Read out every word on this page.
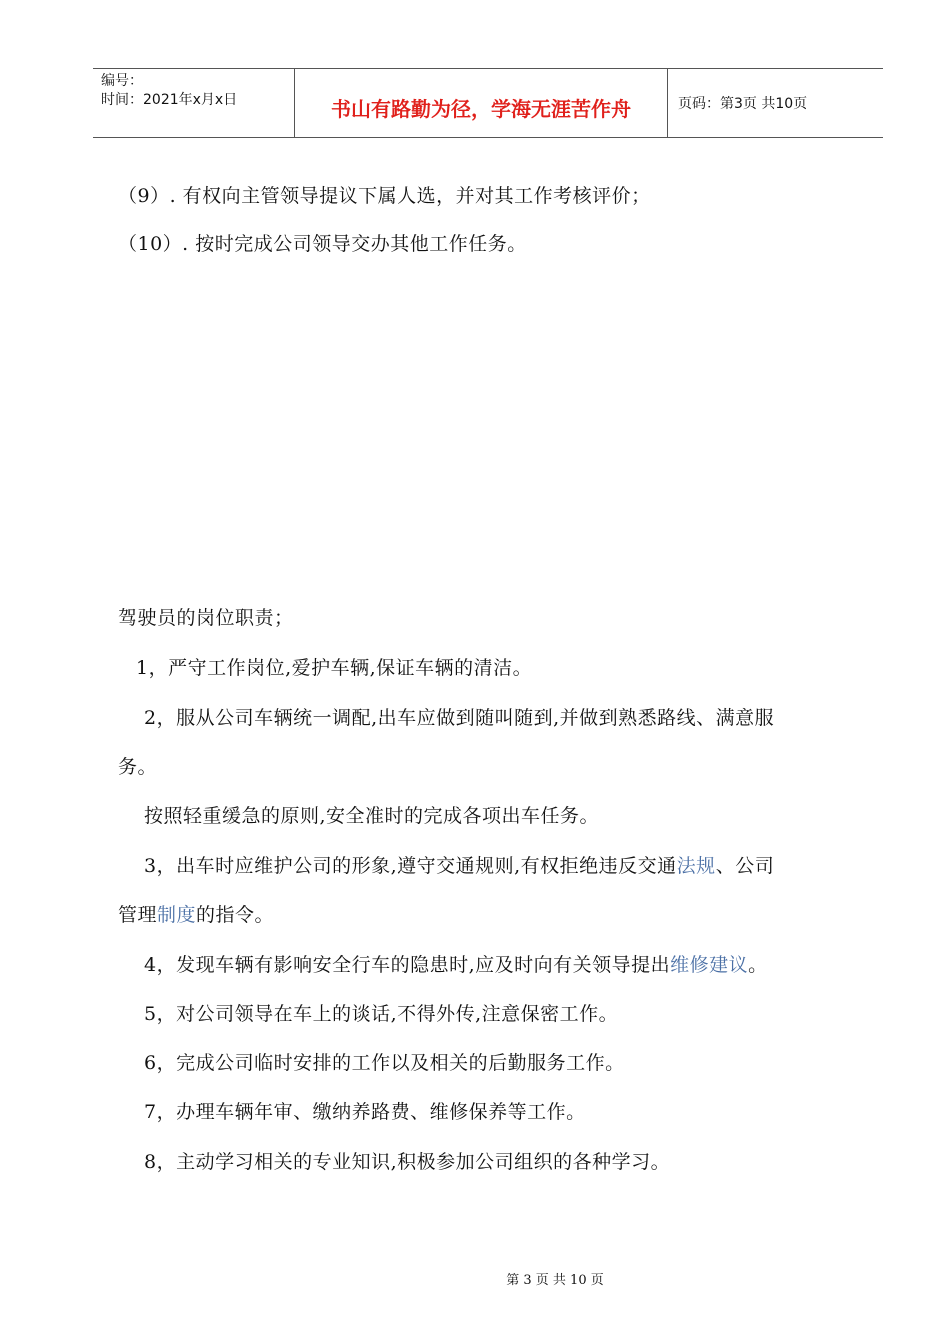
编号：
时间：2021年x月x日	书山有路勤为径，学海无涯苦作舟	页码：第3页 共10页
（9）. 有权向主管领导提议下属人选，并对其工作考核评价；
（10）. 按时完成公司领导交办其他工作任务。
驾驶员的岗位职责；
1，严守工作岗位,爱护车辆,保证车辆的清洁。
2，服从公司车辆统一调配,出车应做到随叫随到,并做到熟悉路线、满意服
务。
按照轻重缓急的原则,安全准时的完成各项出车任务。
3，出车时应维护公司的形象,遵守交通规则,有权拒绝违反交通法规、公司
管理制度的指令。
4，发现车辆有影响安全行车的隐患时,应及时向有关领导提出维修建议。
5，对公司领导在车上的谈话,不得外传,注意保密工作。
6，完成公司临时安排的工作以及相关的后勤服务工作。
7，办理车辆年审、缴纳养路费、维修保养等工作。
8，主动学习相关的专业知识,积极参加公司组织的各种学习。
第 3 页 共 10 页
